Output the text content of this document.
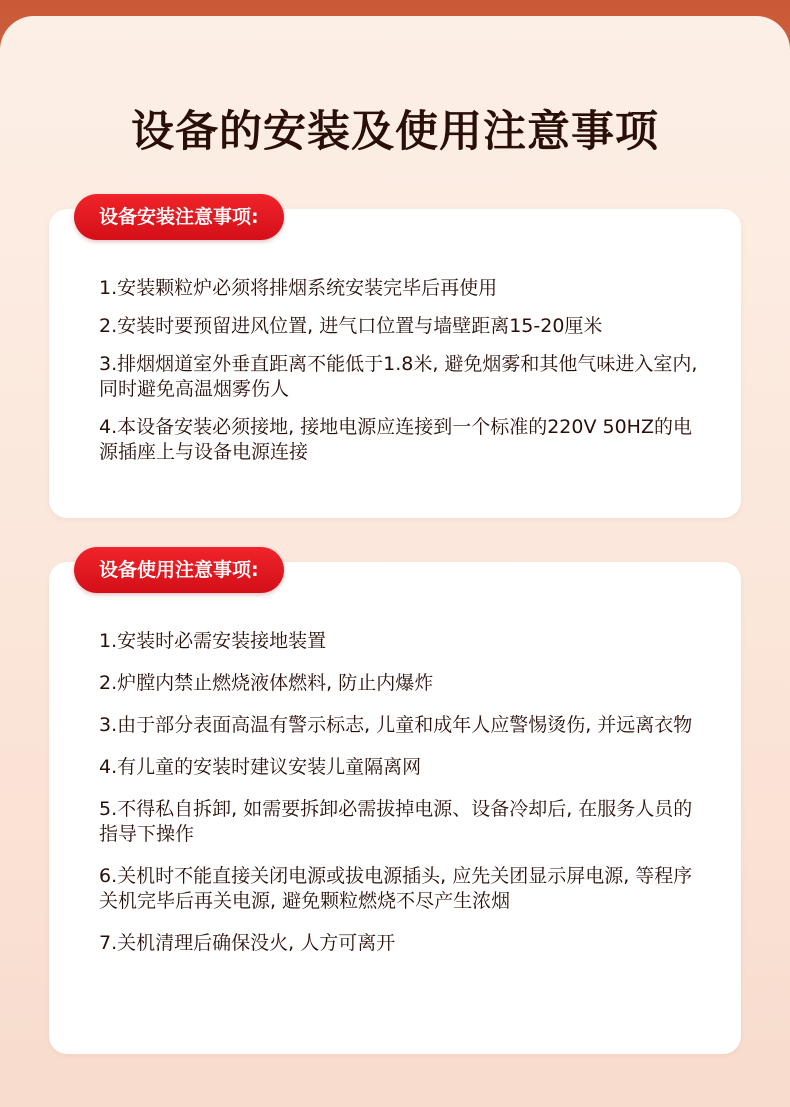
设备的安装及使用注意事项
设备安装注意事项:
1.安装颗粒炉必须将排烟系统安装完毕后再使用
2.安装时要预留进风位置, 进气口位置与墙壁距离15-20厘米
3.排烟烟道室外垂直距离不能低于1.8米, 避免烟雾和其他气味进入室内, 同时避免高温烟雾伤人
4.本设备安装必须接地, 接地电源应连接到一个标准的220V 50HZ的电源插座上与设备电源连接
设备使用注意事项:
1.安装时必需安装接地装置
2.炉膛内禁止燃烧液体燃料, 防止内爆炸
3.由于部分表面高温有警示标志, 儿童和成年人应警惕烫伤, 并远离衣物
4.有儿童的安装时建议安装儿童隔离网
5.不得私自拆卸, 如需要拆卸必需拔掉电源、设备冷却后, 在服务人员的指导下操作
6.关机时不能直接关闭电源或拔电源插头, 应先关团显示屏电源, 等程序关机完毕后再关电源, 避免颗粒燃烧不尽产生浓烟
7.关机清理后确保没火, 人方可离开
